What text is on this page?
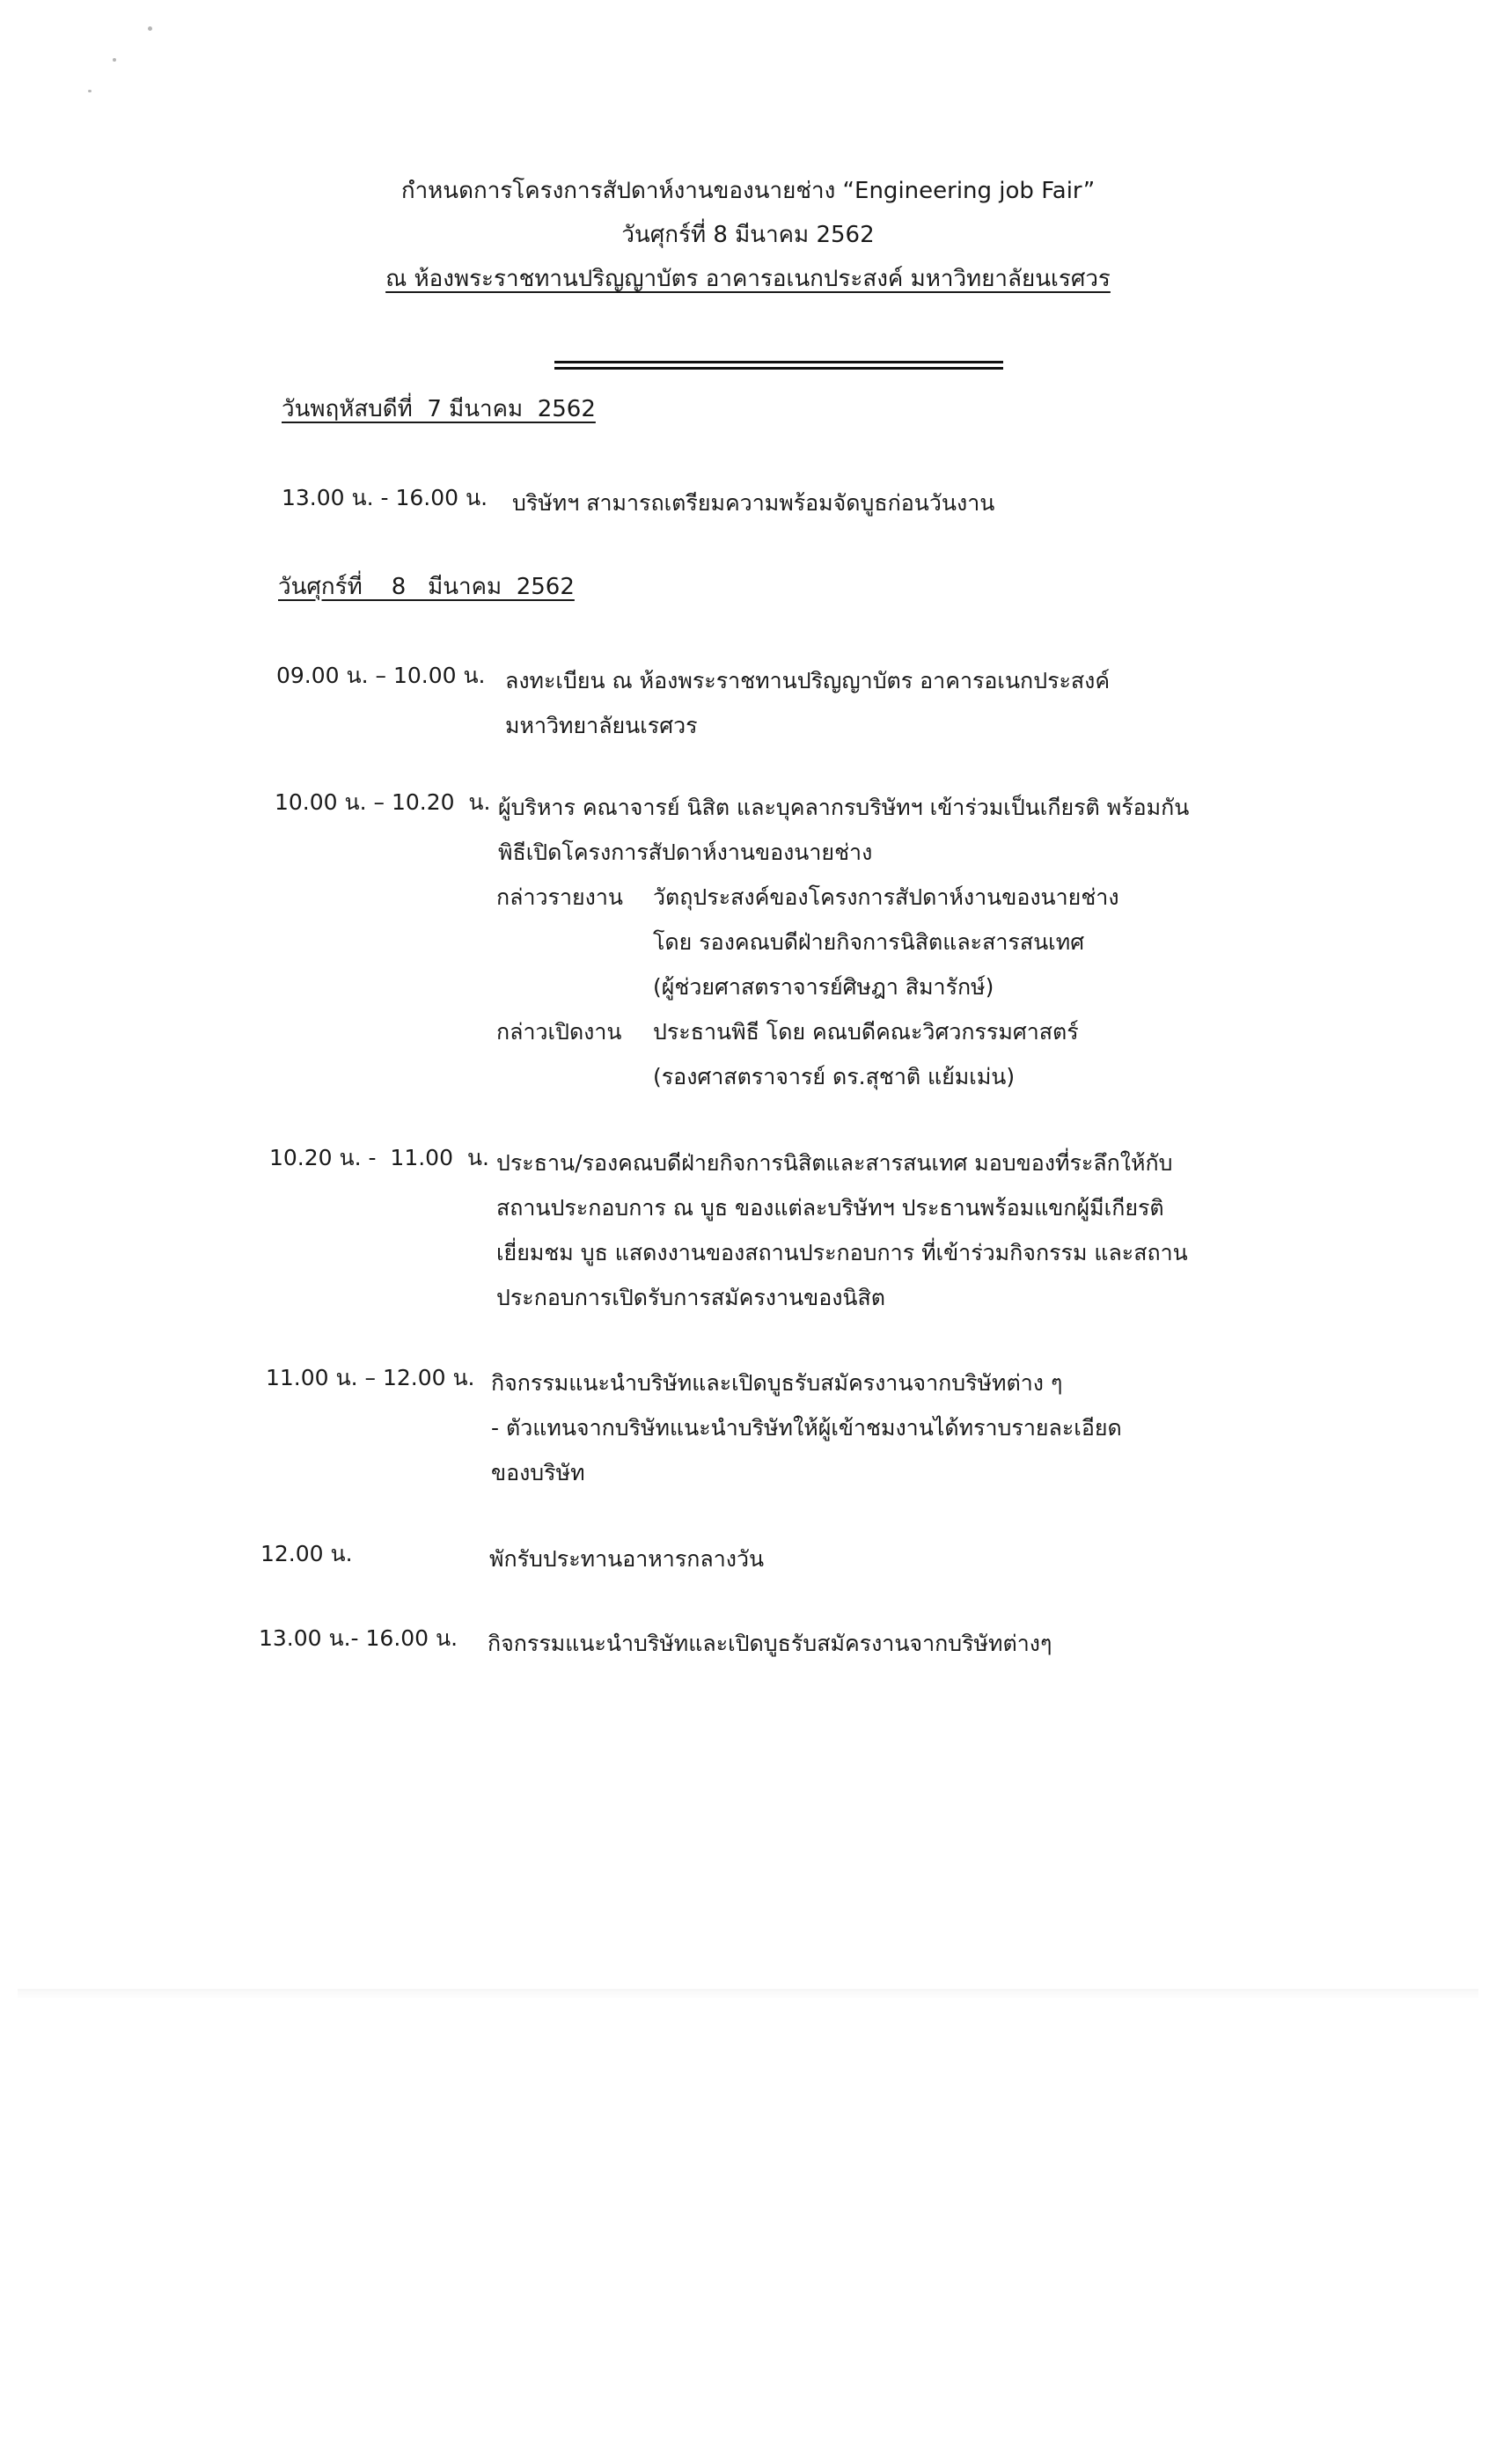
กำหนดการโครงการสัปดาห์งานของนายช่าง “Engineering job Fair”
วันศุกร์ที่ 8 มีนาคม 2562
ณ ห้องพระราชทานปริญญาบัตร อาคารอเนกประสงค์ มหาวิทยาลัยนเรศวร
วันพฤหัสบดีที่  7 มีนาคม  2562
13.00 น. - 16.00 น. บริษัทฯ สามารถเตรียมความพร้อมจัดบูธก่อนวันงาน
วันศุกร์ที่    8   มีนาคม  2562
09.00 น. – 10.00 น. ลงทะเบียน ณ ห้องพระราชทานปริญญาบัตร อาคารอเนกประสงค์
มหาวิทยาลัยนเรศวร
10.00 น. – 10.20  น. ผู้บริหาร คณาจารย์ นิสิต และบุคลากรบริษัทฯ เข้าร่วมเป็นเกียรติ พร้อมกัน
พิธีเปิดโครงการสัปดาห์งานของนายช่าง
กล่าวรายงาน วัตถุประสงค์ของโครงการสัปดาห์งานของนายช่าง
โดย รองคณบดีฝ่ายกิจการนิสิตและสารสนเทศ
(ผู้ช่วยศาสตราจารย์ศิษฎา สิมารักษ์)
กล่าวเปิดงาน ประธานพิธี โดย คณบดีคณะวิศวกรรมศาสตร์
(รองศาสตราจารย์ ดร.สุชาติ แย้มเม่น)
10.20 น. -  11.00  น. ประธาน/รองคณบดีฝ่ายกิจการนิสิตและสารสนเทศ มอบของที่ระลึกให้กับ
สถานประกอบการ ณ บูธ ของแต่ละบริษัทฯ ประธานพร้อมแขกผู้มีเกียรติ
เยี่ยมชม บูธ แสดงงานของสถานประกอบการ ที่เข้าร่วมกิจกรรม และสถาน
ประกอบการเปิดรับการสมัครงานของนิสิต
11.00 น. – 12.00 น. กิจกรรมแนะนำบริษัทและเปิดบูธรับสมัครงานจากบริษัทต่าง ๆ
- ตัวแทนจากบริษัทแนะนำบริษัทให้ผู้เข้าชมงานได้ทราบรายละเอียด
ของบริษัท
12.00 น.	พักรับประทานอาหารกลางวัน
13.00 น.- 16.00 น. กิจกรรมแนะนำบริษัทและเปิดบูธรับสมัครงานจากบริษัทต่างๆ
